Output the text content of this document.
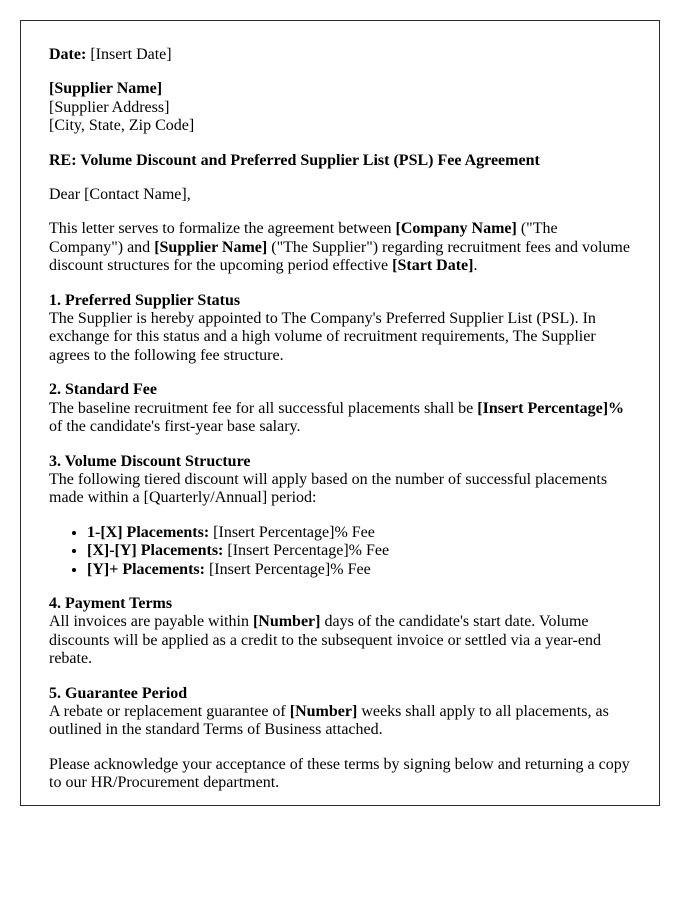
Date: [Insert Date]

[Supplier Name]
[Supplier Address]
[City, State, Zip Code]

RE: Volume Discount and Preferred Supplier List (PSL) Fee Agreement

Dear [Contact Name],

This letter serves to formalize the agreement between [Company Name] ("The Company") and [Supplier Name] ("The Supplier") regarding recruitment fees and volume discount structures for the upcoming period effective [Start Date].

1. Preferred Supplier Status
The Supplier is hereby appointed to The Company's Preferred Supplier List (PSL). In exchange for this status and a high volume of recruitment requirements, The Supplier agrees to the following fee structure.

2. Standard Fee
The baseline recruitment fee for all successful placements shall be [Insert Percentage]% of the candidate's first-year base salary.

3. Volume Discount Structure
The following tiered discount will apply based on the number of successful placements made within a [Quarterly/Annual] period:

• 1-[X] Placements: [Insert Percentage]% Fee
• [X]-[Y] Placements: [Insert Percentage]% Fee
• [Y]+ Placements: [Insert Percentage]% Fee

4. Payment Terms
All invoices are payable within [Number] days of the candidate's start date. Volume discounts will be applied as a credit to the subsequent invoice or settled via a year-end rebate.

5. Guarantee Period
A rebate or replacement guarantee of [Number] weeks shall apply to all placements, as outlined in the standard Terms of Business attached.

Please acknowledge your acceptance of these terms by signing below and returning a copy to our HR/Procurement department.
